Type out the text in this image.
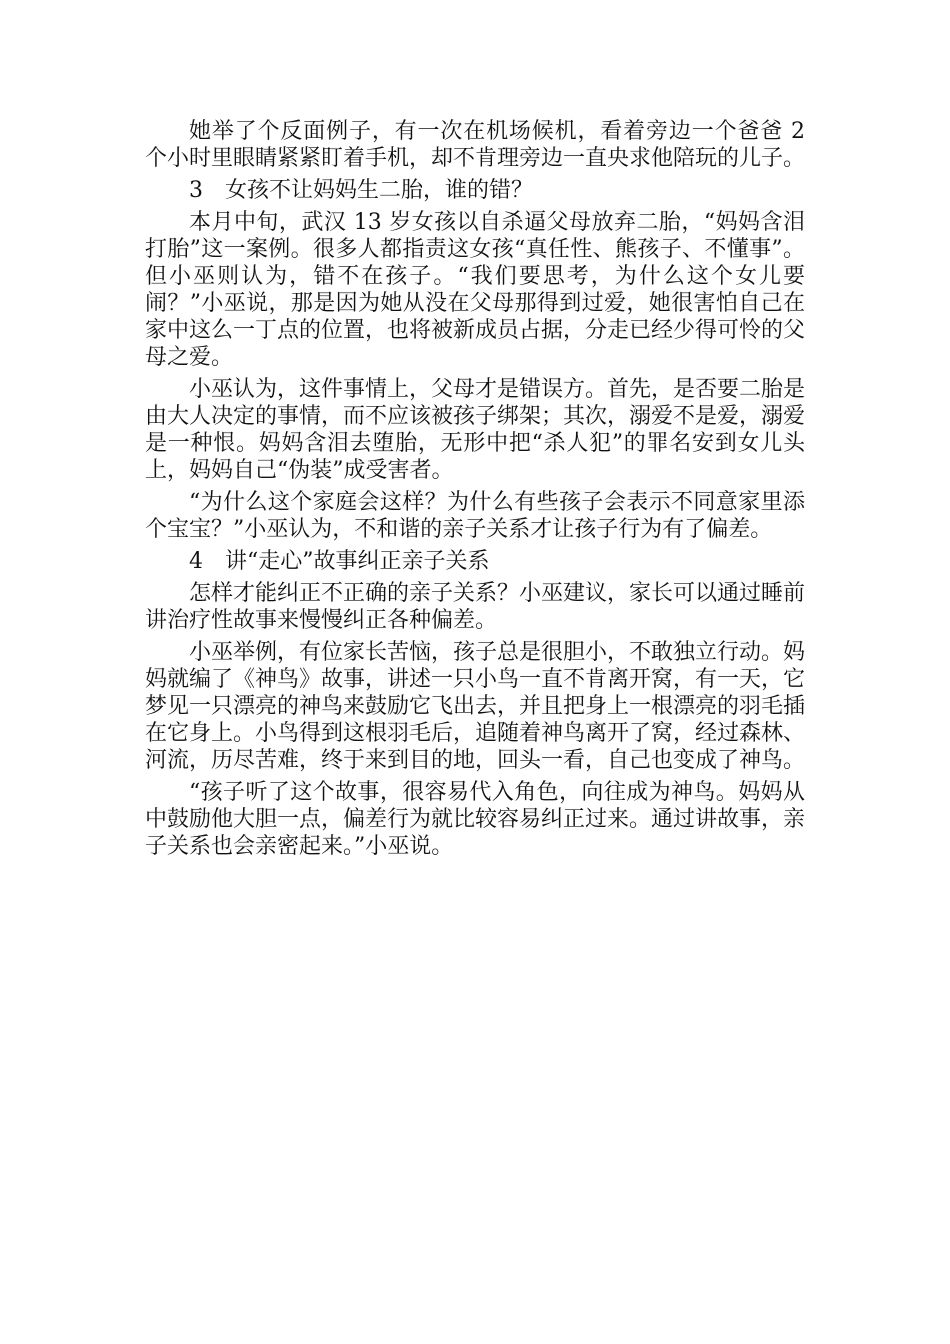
她举了个反面例子，有一次在机场候机，看着旁边一个爸爸 2 个小时里眼睛紧紧盯着手机，却不肯理旁边一直央求他陪玩的儿子。

3　女孩不让妈妈生二胎，谁的错？

本月中旬，武汉 13 岁女孩以自杀逼父母放弃二胎，“妈妈含泪打胎”这一案例。很多人都指责这女孩“真任性、熊孩子、不懂事”。但小巫则认为，错不在孩子。“我们要思考，为什么这个女儿要闹？”小巫说，那是因为她从没在父母那得到过爱，她很害怕自己在家中这么一丁点的位置，也将被新成员占据，分走已经少得可怜的父母之爱。

小巫认为，这件事情上，父母才是错误方。首先，是否要二胎是由大人决定的事情，而不应该被孩子绑架；其次，溺爱不是爱，溺爱是一种恨。妈妈含泪去堕胎，无形中把“杀人犯”的罪名安到女儿头上，妈妈自己“伪装”成受害者。

“为什么这个家庭会这样？为什么有些孩子会表示不同意家里添个宝宝？”小巫认为，不和谐的亲子关系才让孩子行为有了偏差。

4　讲“走心”故事纠正亲子关系

怎样才能纠正不正确的亲子关系？小巫建议，家长可以通过睡前讲治疗性故事来慢慢纠正各种偏差。

小巫举例，有位家长苦恼，孩子总是很胆小，不敢独立行动。妈妈就编了《神鸟》故事，讲述一只小鸟一直不肯离开窝，有一天，它梦见一只漂亮的神鸟来鼓励它飞出去，并且把身上一根漂亮的羽毛插在它身上。小鸟得到这根羽毛后，追随着神鸟离开了窝，经过森林、河流，历尽苦难，终于来到目的地，回头一看，自己也变成了神鸟。

“孩子听了这个故事，很容易代入角色，向往成为神鸟。妈妈从中鼓励他大胆一点，偏差行为就比较容易纠正过来。通过讲故事，亲子关系也会亲密起来。”小巫说。
